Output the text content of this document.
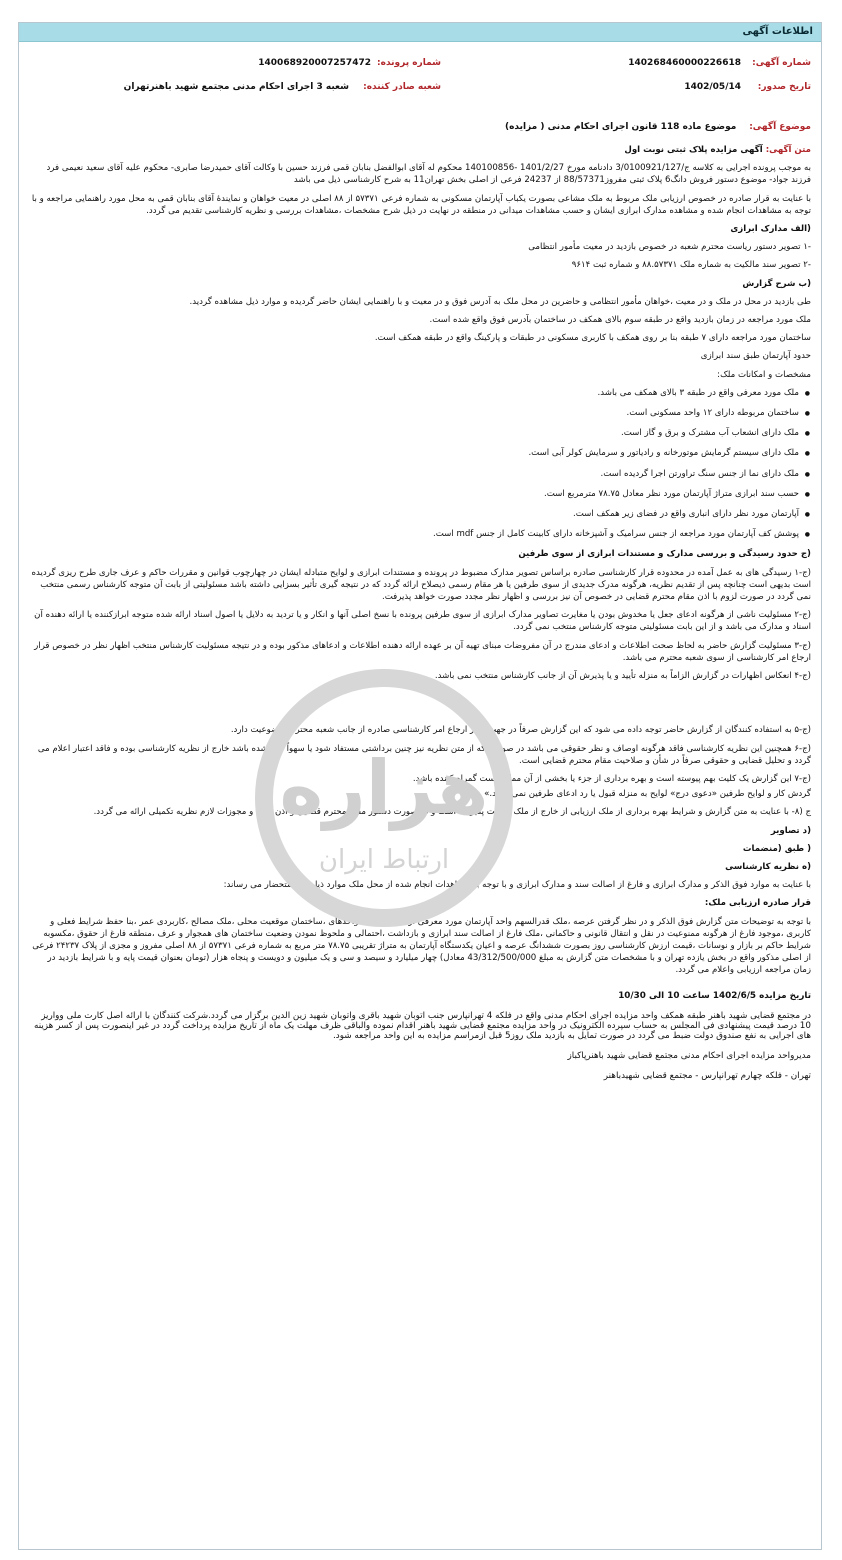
اطلاعات آگهی
شماره آگهی:
140268460000226618
شماره پرونده:
140068920007257472
تاریخ صدور:
1402/05/14
شعبه صادر کننده:
شعبه 3 اجرای احکام مدنی مجتمع شهید باهنرتهران
موضوع آگهی: موضوع ماده 118 قانون اجرای احکام مدنی ( مزایده)
هزاره
ارتباط ایران

متن آگهی: آگهی مزایده پلاک ثبتی نوبت اول

به موجب پرونده اجرایی به کلاسه ج/3/0100921/127 دادنامه مورخ 1401/2/27 -140100856 محکوم له آقای ابوالفضل بنابان قمی فرزند حسین با وکالت آقای حمیدرضا صابری- محکوم علیه آقای سعید نعیمی فرد فرزند جواد- موضوع دستور فروش دانگ6 پلاک ثبتی مفروز88/57371 از 24237 فرعی از اصلی بخش تهران11 به شرح کارشناسی ذیل می باشد

با عنایت به قرار صادره در خصوص ارزیابی ملک مربوط به ملک مشاعی بصورت یکباب آپارتمان مسکونی به شماره فرعی ۵۷۳۷۱ از ۸۸ اصلی در معیت خواهان و نمایندهٔ آقای بنابان قمی به محل مورد راهنمایی مراجعه و با توجه به مشاهدات انجام شده و مشاهده مدارک ابرازی ایشان و حسب مشاهدات میدانی در منطقه در نهایت در ذیل شرح مشخصات ،مشاهدات بررسی و نظریه کارشناسی تقدیم می گردد.

(الف مدارک ابرازی

-۱ تصویر دستور ریاست محترم شعبه در خصوص بازدید در معیت مأمور انتظامی

-۲ تصویر سند مالکیت به شماره ملک ۸۸.۵۷۳۷۱ و شماره ثبت ۹۶۱۴

(ب شرح گزارش

طی بازدید در محل در ملک و در معیت ،خواهان مأمور انتظامی و حاضرین در محل ملک به آدرس فوق و در معیت و با راهنمایی ایشان حاضر گردیده و موارد ذیل مشاهده گردید.

ملک مورد مراجعه در زمان بازدید واقع در طبقه سوم بالای همکف در ساختمان بآدرس فوق واقع شده است.

ساختمان مورد مراجعه دارای ۷ طبقه بنا بر روی همکف با کاربری مسکونی در طبقات و پارکینگ واقع در طبقه همکف است.

حدود آپارتمان طبق سند ابرازی

مشخصات و امکانات ملک:

● ملک مورد معرفی واقع در طبقه ۳ بالای همکف می باشد.
● ساختمان مربوطه دارای ۱۲ واحد مسکونی است.
● ملک دارای انشعاب آب مشترک و برق و گاز است.
● ملک دارای سیستم گرمایش موتورخانه و رادیاتور و سرمایش کولر آبی است.
● ملک دارای نما از جنس سنگ تراورتن اجرا گردیده است.
● حسب سند ابرازی متراژ آپارتمان مورد نظر معادل ۷۸.۷۵ مترمربع است.
● آپارتمان مورد نظر دارای انباری واقع در فضای زیر همکف است.
● پوشش کف آپارتمان مورد مراجعه از جنس سرامیک و آشپزخانه دارای کابینت کامل از جنس mdf است.

(ج حدود رسیدگی و بررسی مدارک و مستندات ابرازی از سوی طرفین

(ج-۱ رسیدگی های به عمل آمده در محدوده قرار کارشناسی صادره براساس تصویر مدارک مضبوط در پرونده و مستندات ابرازی و لوایح متبادله ایشان در چهارچوب قوانین و مقررات حاکم و عرف جاری طرح ریزی گردیده است بدیهی است چنانچه پس از تقدیم نظریه، هرگونه مدرک جدیدی از سوی طرفین یا هر مقام رسمی ذیصلاح ارائه گردد که در نتیجه گیری تأثیر بسزایی داشته باشد مسئولیتی از بابت آن متوجه کارشناس رسمی منتخب نمی گردد در صورت لزوم با اذن مقام محترم قضایی در خصوص آن نیز بررسی و اظهار نظر مجدد صورت خواهد پذیرفت.

(ج-۲ مسئولیت ناشی از هرگونه ادعای جعل یا مخدوش بودن یا مغایرت تصاویر مدارک ابرازی از سوی طرفین پرونده با نسخ اصلی آنها و انکار و یا تردید به دلایل یا اصول اسناد ارائه شده متوجه ابرازکننده یا ارائه دهنده آن اسناد و مدارک می باشد و از این بابت مسئولیتی متوجه کارشناس منتخب نمی گردد.

(ج-۳ مسئولیت گزارش حاضر به لحاظ صحت اطلاعات و ادعای مندرج در آن مفروضات مبنای تهیه آن بر عهده ارائه دهنده اطلاعات و ادعاهای مذکور بوده و در نتیجه مسئولیت کارشناس منتخب اظهار نظر در خصوص قرار ارجاع امر کارشناسی از سوی شعبه محترم می باشد.

(ج-۴ انعکاس اظهارات در گزارش الزاماً به منزله تأیید و یا پذیرش آن از جانب کارشناس منتخب نمی باشد.

(ج-۵ به استفاده کنندگان از گزارش حاضر توجه داده می شود که این گزارش صرفاً در جهت قرار ارجاع امر کارشناسی صادره از جانب شعبه محترم موضوعیت دارد.

(ج-۶ همچنین این نظریه کارشناسی فاقد هرگونه اوصاف و نظر حقوقی می باشد در صورتی که از متن نظریه نیز چنین برداشتی مستفاد شود یا سهواً درج شده باشد خارج از نظریه کارشناسی بوده و فاقد اعتبار اعلام می گردد و تحلیل قضایی و حقوقی صرفاً در شأن و صلاحیت مقام محترم قضایی است.

(ج-۷ این گزارش یک کلیت بهم پیوسته است و بهره برداری از جزء یا بخشی از آن ممکن است گمراه کننده باشد.

گردش کار و لوایح طرفین «دعوی درج» لوایح به منزله قبول یا رد ادعای طرفین نمی باشد.»

ج (۸- با عنایت به متن گزارش و شرایط بهره برداری از ملک ارزیابی از خارج از ملک صورت پذیرفته است و در صورت دستور مقام محترم قضایی و اذن ورود و مجوزات لازم نظریه تکمیلی ارائه می گردد.

(د تصاویر

( طبق (منضمات

(ه نظریه کارشناسی

با عنایت به موارد فوق الذکر و مدارک ابرازی و فارغ از اصالت سند و مدارک ابرازی و با توجه به مشاهدات انجام شده از محل ملک موارد ذیل را باستحضار می رساند:

قرار صادره ارزیابی ملک:

با توجه به توضیحات متن گزارش فوق الذکر و در نظر گرفتن عرصه ،ملک قدرالسهم واحد آپارتمان مورد معرفی از ،عرصه تعداد واحدهای ،ساختمان موقعیت محلی ،ملک مصالح ،کاربردی عمر ،بنا حفظ شرایط فعلی و کاربری ،موجود فارغ از هرگونه ممنوعیت در نقل و انتقال قانونی و حاکمانی ،ملک فارغ از اصالت سند ابرازی و بازداشت ،احتمالی و ملحوظ نمودن وضعیت ساختمان های همجوار و عرف ،منطقه فارغ از حقوق ،مکسوبه شرایط حاکم بر بازار و نوسانات ،قیمت ارزش کارشناسی روز بصورت ششدانگ عرصه و اعیان یکدستگاه آپارتمان به متراژ تقریبی ۷۸.۷۵ متر مربع به شماره فرعی ۵۷۳۷۱ از ۸۸ اصلی مفروز و مجزی از پلاک ۲۴۲۳۷ فرعی از اصلی مذکور واقع در بخش یازده تهران و با مشخصات متن گزارش به مبلغ 43/312/500/000 معادل) چهار میلیارد و سیصد و سی و یک میلیون و دویست و پنجاه هزار (تومان بعنوان قیمت پایه و با شرایط بازدید در زمان مراجعه ارزیابی واعلام می گردد.

تاریخ مزایده 1402/6/5 ساعت 10 الی 10/30

در مجتمع قضایی شهید باهنر طبقه همکف واحد مزایده اجرای احکام مدنی واقع در فلکه 4 تهرانپارس جنب اتوبان شهید باقری واتوبان شهید زین الدین برگزار می گردد.شرکت کنندگان با ارائه اصل کارت ملی وواریز 10 درصد قیمت پیشنهادی فی المجلس به حساب سپرده الکترونیک در واحد مزایده مجتمع قضایی شهید باهنر اقدام نموده والباقی ظرف مهلت یک ماه از تاریخ مزایده پرداخت گردد در غیر اینصورت پس از کسر هزینه های اجرایی به نفع صندوق دولت ضبط می گردد در صورت تمایل به بازدید ملک روز5 قبل ازمراسم مزایده به این واحد مراجعه شود.

مدیرواحد مزایده اجرای احکام مدنی مجتمع قضایی شهید باهنرپاکباز

تهران - فلکه چهارم تهرانپارس - مجتمع قضایی شهیدباهنر
